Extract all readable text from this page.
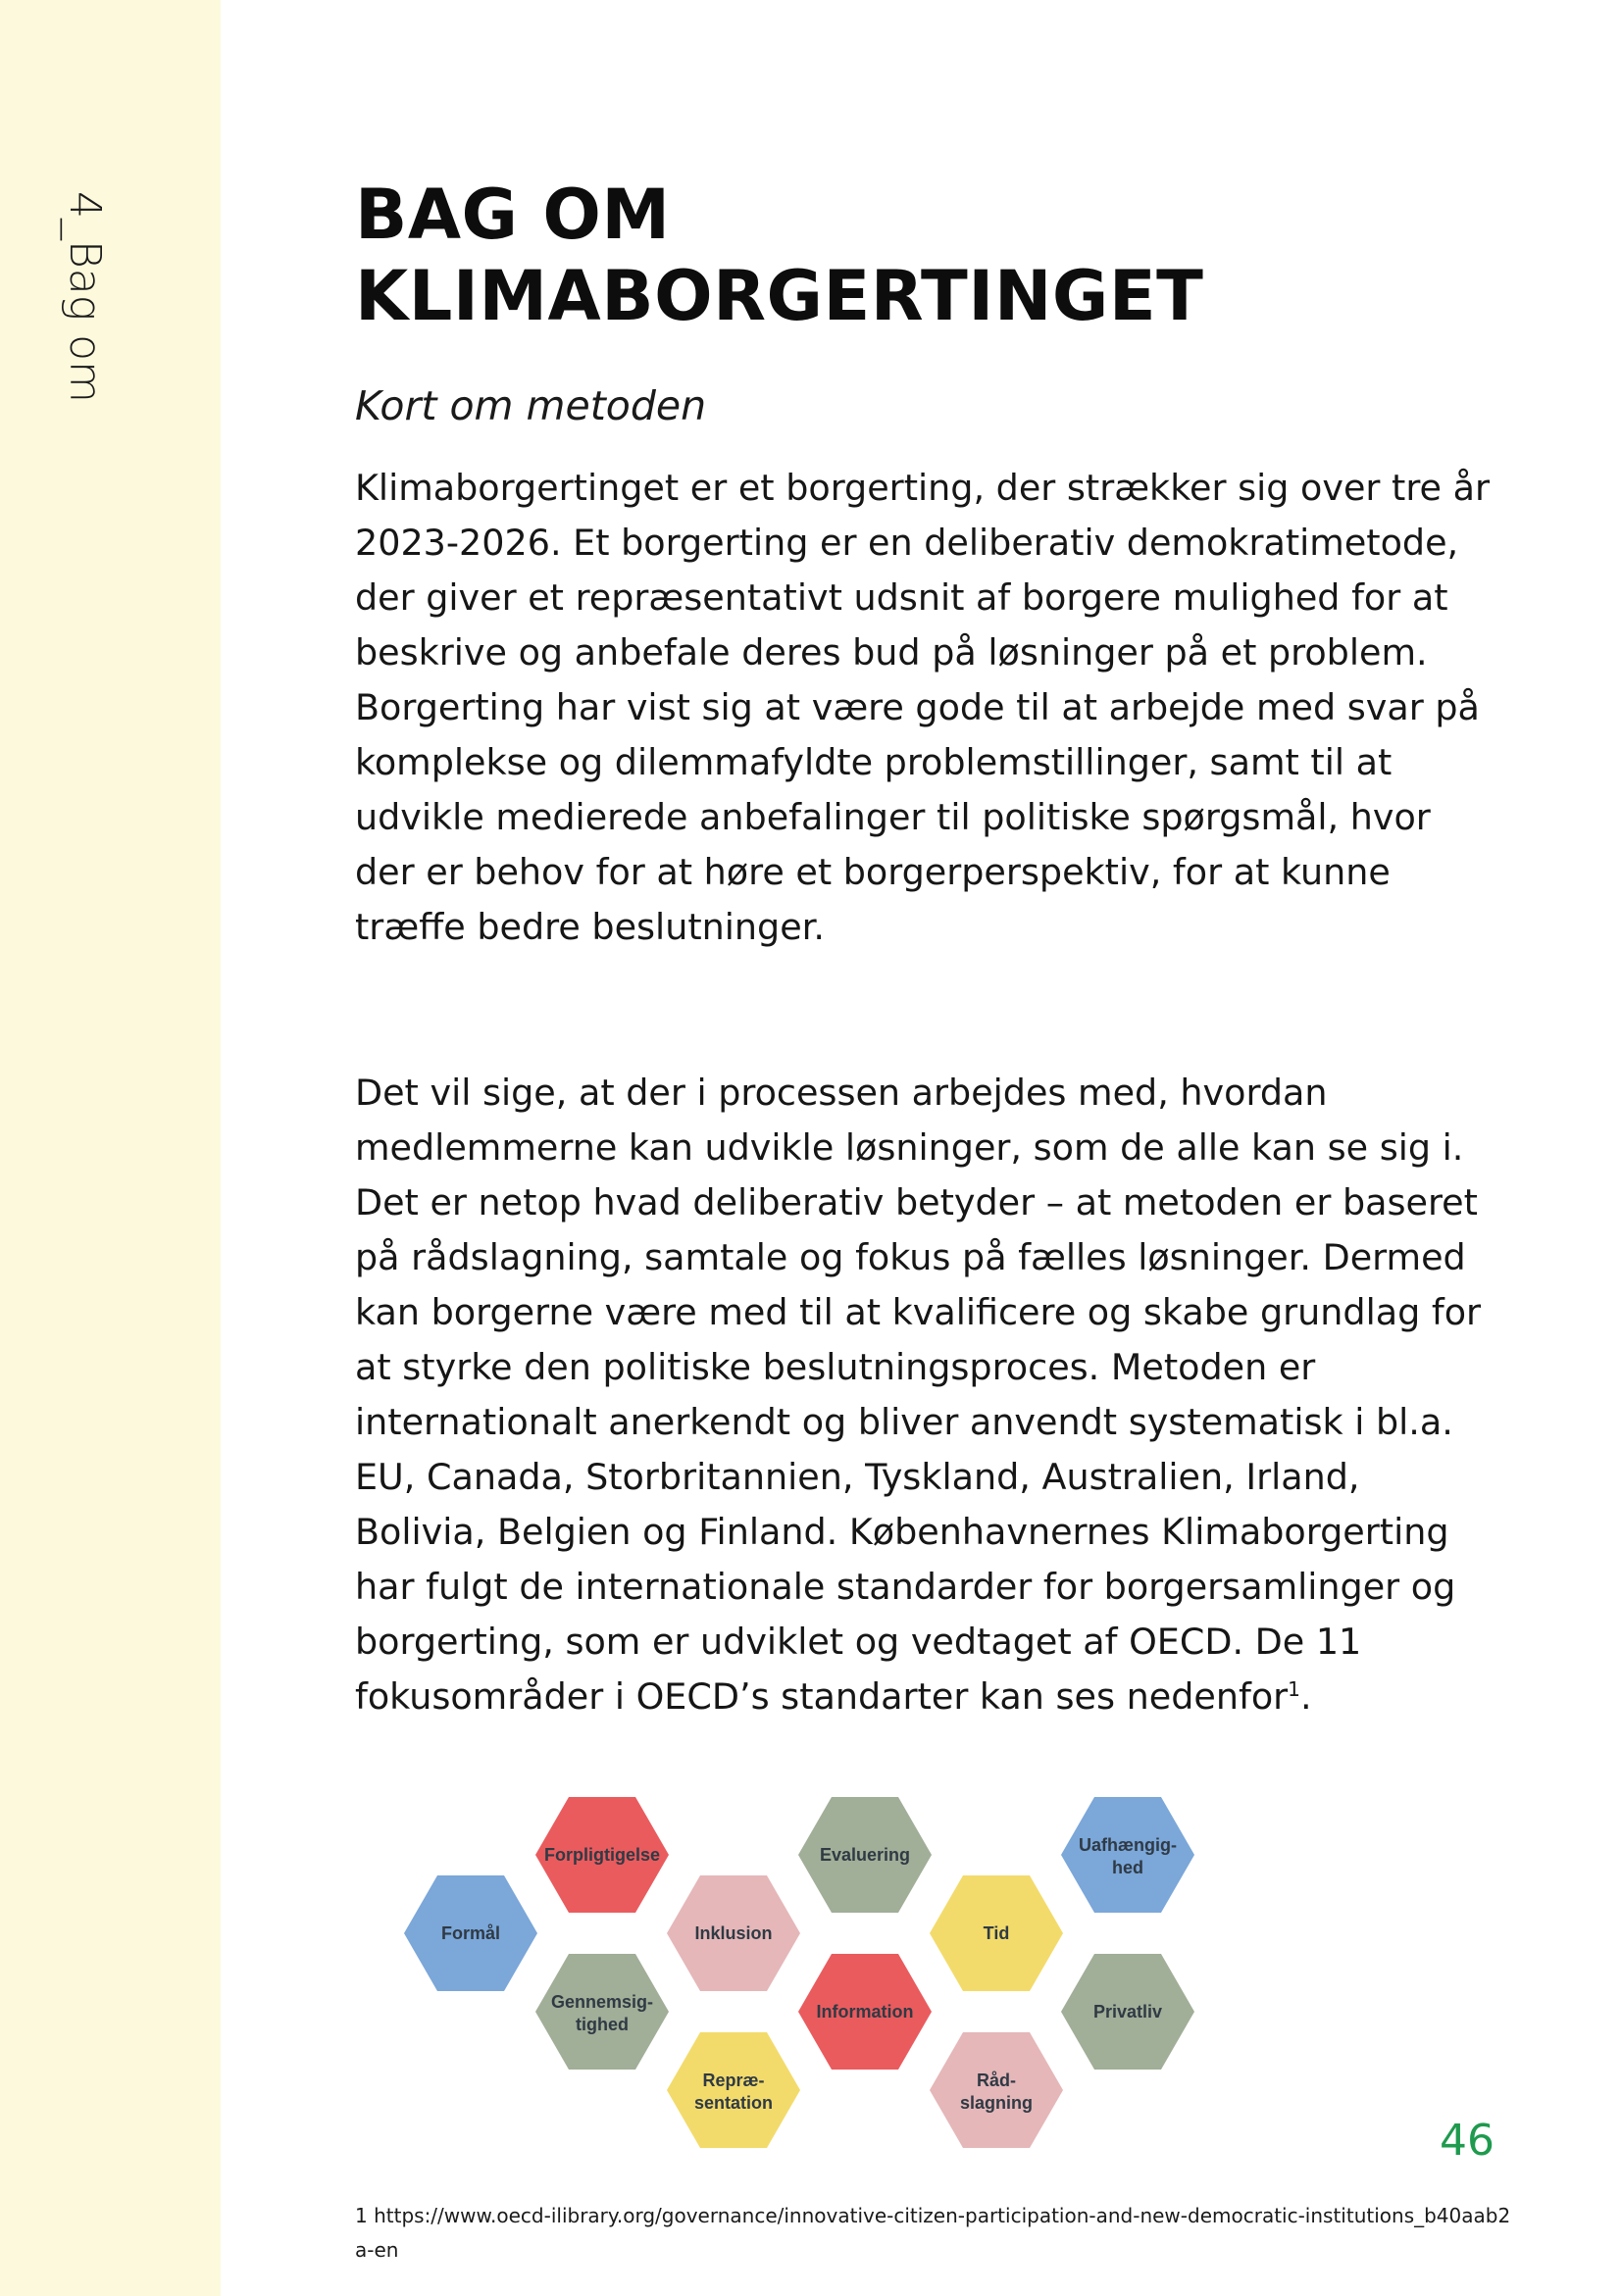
4_Bag om	BAG OM
KLIMABORGERTINGET
Kort om metoden

Klimaborgertinget er et borgerting, der strækker sig over tre år 2023-2026. Et borgerting er en deliberativ demokratimetode, der giver et repræsentativt udsnit af borgere mulighed for at beskrive og anbefale deres bud på løsninger på et problem. Borgerting har vist sig at være gode til at arbejde med svar på komplekse og dilemmafyldte problemstillinger, samt til at udvikle medierede anbefalinger til politiske spørgsmål, hvor der er behov for at høre et borgerperspektiv, for at kunne træffe bedre beslutninger.

Det vil sige, at der i processen arbejdes med, hvordan medlemmerne kan udvikle løsninger, som de alle kan se sig i. Det er netop hvad deliberativ betyder – at metoden er baseret på rådslagning, samtale og fokus på fælles løsninger. Dermed kan borgerne være med til at kvalificere og skabe grundlag for at styrke den politiske beslutningsproces. Metoden er internationalt anerkendt og bliver anvendt systematisk i bl.a. EU, Canada, Storbritannien, Tyskland, Australien, Irland, Bolivia, Belgien og Finland. Københavnernes Klimaborgerting har fulgt de internationale standarder for borgersamlinger og borgerting, som er udviklet og vedtaget af OECD. De 11 fokusområder i OECD’s standarter kan ses nedenfor$^1$.

Formål
Forpligtigelse
Inklusion
Evaluering
Tid
Uafhængig-hed
Gennemsig-tighed
Information	Privatliv
Repræ-sentation
Råd-slagning
46
1 https://www.oecd-ilibrary.org/governance/innovative-citizen-participation-and-new-democratic-institutions_b40aab2a-en
